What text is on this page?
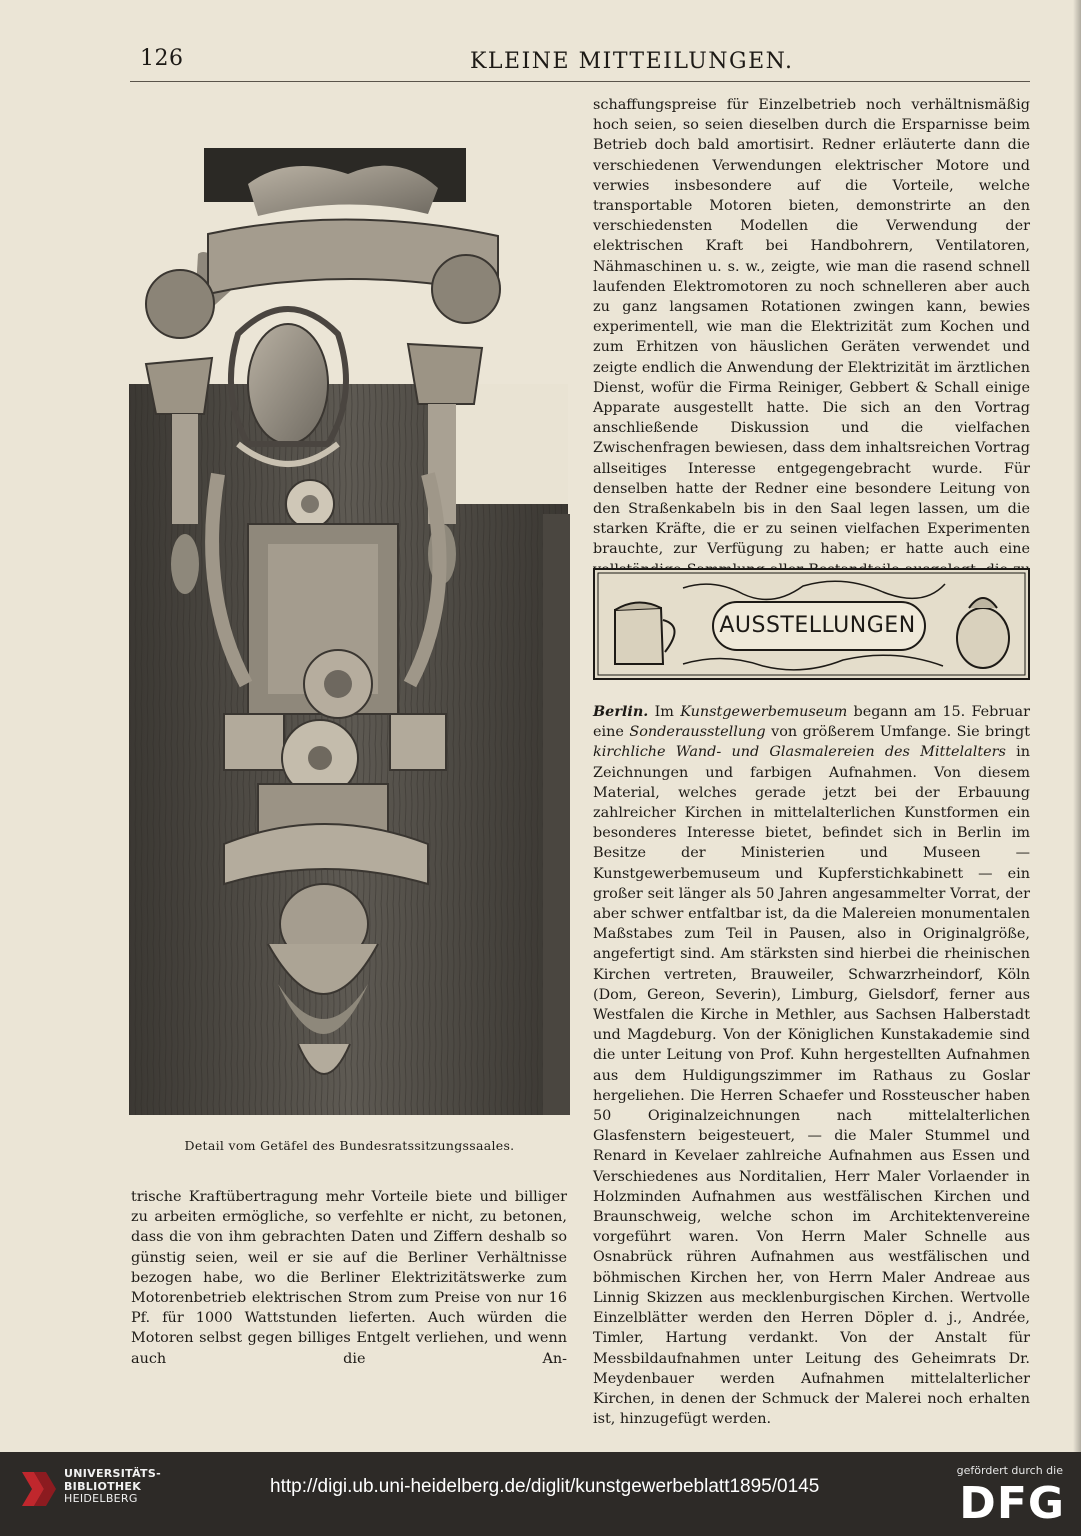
126	KLEINE MITTEILUNGEN.
Detail vom Getäfel des Bundesratssitzungssaales.
trische Kraftübertragung mehr Vorteile biete und billiger zu arbeiten ermögliche, so verfehlte er nicht, zu betonen, dass die von ihm gebrachten Daten und Ziffern deshalb so günstig seien, weil er sie auf die Berliner Verhältnisse bezogen habe, wo die Berliner Elektrizitätswerke zum Motorenbetrieb elektrischen Strom zum Preise von nur 16 Pf. für 1000 Wattstunden lieferten. Auch würden die Motoren selbst gegen billiges Entgelt verliehen, und wenn auch die An-
schaffungspreise für Einzelbetrieb noch verhältnismäßig hoch seien, so seien dieselben durch die Ersparnisse beim Betrieb doch bald amortisirt. Redner erläuterte dann die verschiedenen Verwendungen elektrischer Motore und verwies insbesondere auf die Vorteile, welche transportable Motoren bieten, demonstrirte an den verschiedensten Modellen die Verwendung der elektrischen Kraft bei Handbohrern, Ventilatoren, Nähmaschinen u. s. w., zeigte, wie man die rasend schnell laufenden Elektromotoren zu noch schnelleren aber auch zu ganz langsamen Rotationen zwingen kann, bewies experimentell, wie man die Elektrizität zum Kochen und zum Erhitzen von häuslichen Geräten verwendet und zeigte endlich die Anwendung der Elektrizität im ärztlichen Dienst, wofür die Firma Reiniger, Gebbert & Schall einige Apparate ausgestellt hatte. Die sich an den Vortrag anschließende Diskussion und die vielfachen Zwischenfragen bewiesen, dass dem inhaltsreichen Vortrag allseitiges Interesse entgegengebracht wurde. Für denselben hatte der Redner eine besondere Leitung von den Straßenkabeln bis in den Saal legen lassen, um die starken Kräfte, die er zu seinen vielfachen Experimenten brauchte, zur Verfügung zu haben; er hatte auch eine
AUSSTELLUNGEN
Berlin. Im Kunstgewerbemuseum begann am 15. Februar eine Sonderausstellung von größerem Umfange. Sie bringt kirchliche Wand- und Glasmalereien des Mittelalters in Zeichnungen und farbigen Aufnahmen. Von diesem Material, welches gerade jetzt bei der Erbauung zahlreicher Kirchen in mittelalterlichen Kunstformen ein besonderes Interesse bietet, befindet sich in Berlin im Besitze der Ministerien und Museen — Kunstgewerbemuseum und Kupferstichkabinett — ein großer seit länger als 50 Jahren angesammelter Vorrat, der aber schwer entfaltbar ist, da die Malereien monumentalen Maßstabes zum Teil in Pausen, also in Originalgröße, angefertigt sind. Am stärksten sind hierbei die rheinischen Kirchen vertreten, Brauweiler, Schwarzrheindorf, Köln (Dom, Gereon, Severin), Limburg, Gielsdorf, ferner aus Westfalen die Kirche in Methler, aus Sachsen Halberstadt und Magdeburg. Von der Königlichen Kunstakademie sind die unter Leitung von Prof. Kuhn hergestellten Aufnahmen aus dem Huldigungszimmer im Rathaus zu Goslar hergeliehen. Die Herren Schaefer und Rossteuscher haben 50 Originalzeichnungen nach mittelalterlichen Glasfenstern beigesteuert, — die Maler Stummel und Renard in Kevelaer zahlreiche Aufnahmen aus Essen und Verschiedenes aus Norditalien, Herr Maler Vorlaender in Holzminden Aufnahmen aus westfälischen Kirchen und Braunschweig, welche schon im Architektenvereine vorgeführt waren. Von Herrn Maler Schnelle aus Osnabrück rühren Aufnahmen aus westfälischen und böhmischen Kirchen her, von Herrn Maler Andreae aus Linnig Skizzen aus mecklenburgischen Kirchen. Wertvolle Einzelblätter werden den Herren Döpler d. j., Andrée, Timler, Hartung verdankt. Von der Anstalt für Messbildaufnahmen unter Leitung des Geheimrats Dr. Meydenbauer werden Aufnahmen mittelalterlicher Kirchen, in denen der Schmuck der Malerei noch erhalten ist, hinzugefügt werden.
UNIVERSITÄTS-
BIBLIOTHEK
HEIDELBERG
http://digi.ub.uni-heidelberg.de/diglit/kunstgewerbeblatt1895/0145
gefördert durch die
DFG
